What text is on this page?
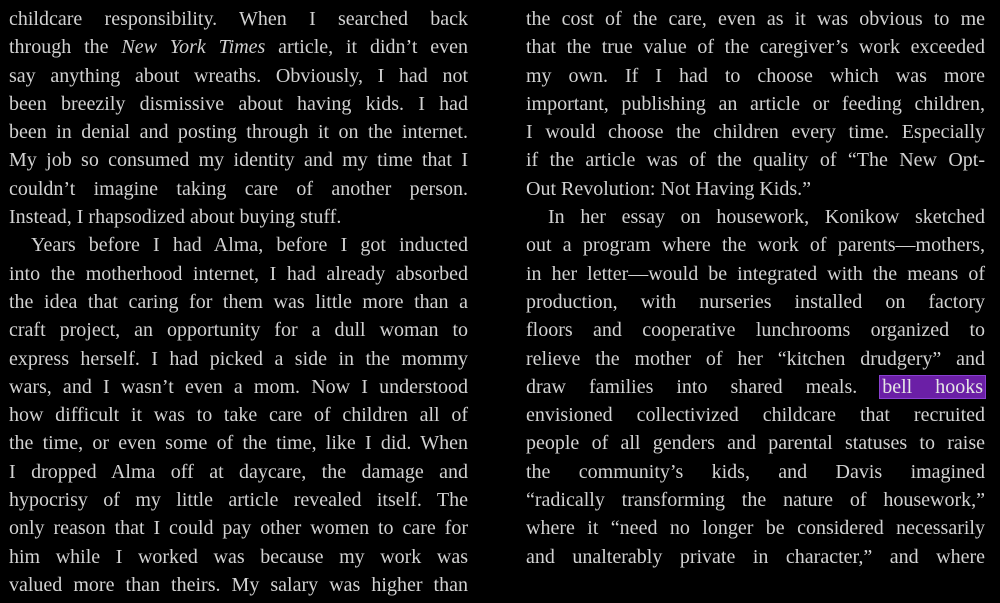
childcare responsibility. When I searched back
through the New York Times article, it didn’t even
say anything about wreaths. Obviously, I had not
been breezily dismissive about having kids. I had
been in denial and posting through it on the internet.
My job so consumed my identity and my time that I
couldn’t imagine taking care of another person.
Instead, I rhapsodized about buying stuff.
Years before I had Alma, before I got inducted
into the motherhood internet, I had already absorbed
the idea that caring for them was little more than a
craft project, an opportunity for a dull woman to
express herself. I had picked a side in the mommy
wars, and I wasn’t even a mom. Now I understood
how difficult it was to take care of children all of
the time, or even some of the time, like I did. When
I dropped Alma off at daycare, the damage and
hypocrisy of my little article revealed itself. The
only reason that I could pay other women to care for
him while I worked was because my work was
valued more than theirs. My salary was higher than
the cost of the care, even as it was obvious to me
that the true value of the caregiver’s work exceeded
my own. If I had to choose which was more
important, publishing an article or feeding children,
I would choose the children every time. Especially
if the article was of the quality of “The New Opt-
Out Revolution: Not Having Kids.”
In her essay on housework, Konikow sketched
out a program where the work of parents—mothers,
in her letter—would be integrated with the means of
production, with nurseries installed on factory
floors and cooperative lunchrooms organized to
relieve the mother of her “kitchen drudgery” and
draw families into shared meals. bell hooks
envisioned collectivized childcare that recruited
people of all genders and parental statuses to raise
the community’s kids, and Davis imagined
“radically transforming the nature of housework,”
where it “need no longer be considered necessarily
and unalterably private in character,” and where
